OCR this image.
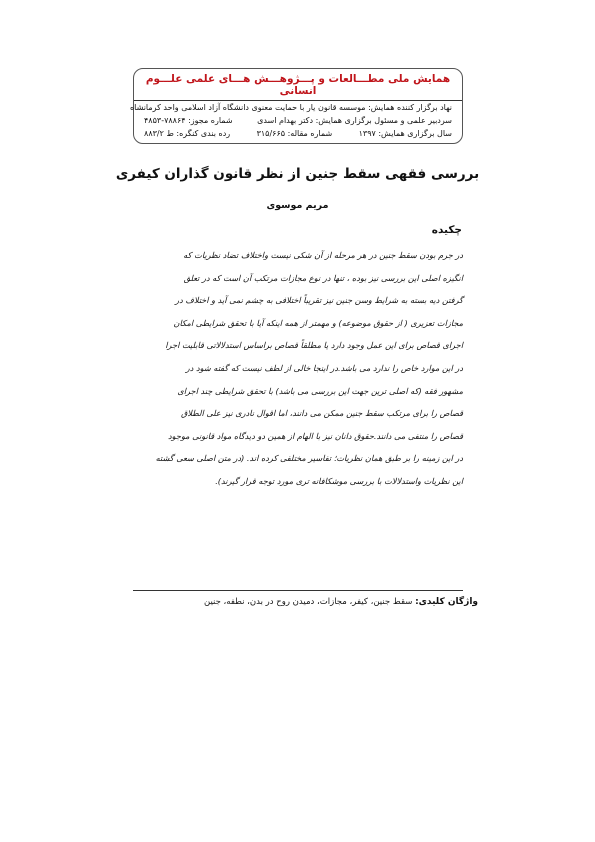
همایش ملی مطـــالعات و پـــژوهـــش هـــای علمی علـــوم انسانی
نهاد برگزار کننده همایش: موسسه قانون یار با حمایت معنوی دانشگاه آزاد اسلامی واحد کرمانشاه
سردبیر علمی و مسئول برگزاری همایش: دکتر بهدام اسدی
شماره مجوز: ۷۸۸۶۴-۴۸۵۳
سال برگزاری همایش: ۱۳۹۷
شماره مقاله: ۳۱۵/۶۶۵
رده بندی کنگره: ط ۸۸۳/۲
بررسی فقهی سقط جنین از نظر قانون گذاران کیفری
مریم موسوی
چکیده

در جرم بودن سقط جنین در هر مرحله از آن شکی نیست واختلاف تضاد نظریات که

انگیزه اصلی این بررسی نیز بوده ، تنها در نوع مجازات مرتکب آن است که در تعلق

گرفتن دیه بسته به شرایط وسن جنین نیز تقریباً اختلافی به چشم نمی آید و اختلاف در

مجازات تعزیری ( از حقوق موضوعه) و مهمتر از همه اینکه آیا با تحقق شرایطی امکان

اجرای قصاص برای این عمل وجود دارد یا مطلقاً قصاص براساس استدلالاتی قابلیت اجرا

در این موارد خاص را ندارد می باشد.در اینجا خالی از لطف نیست که گفته شود در

مشهور فقه (که اصلی ترین جهت این بررسی می باشد) با تحقق شرایطی چند اجرای

قصاص را برای مرتکب سقط جنین ممکن می دانند، اما اقوال نادری نیز علی الطلاق

قصاص را منتفی می دانند.حقوق دانان نیز با الهام از همین دو دیدگاه مواد قانونی موجود

در این زمینه را بر طبق همان نظریات؛ تفاسیر مختلفی کرده اند. (در متن اصلی سعی گشته

این نظریات واستدلالات با بررسی موشکافانه تری مورد توجه قرار گیرند).

واژگان کلیدی: سقط جنین، کیفر، مجازات، دمیدن روح در بدن، نطفه، جنین
